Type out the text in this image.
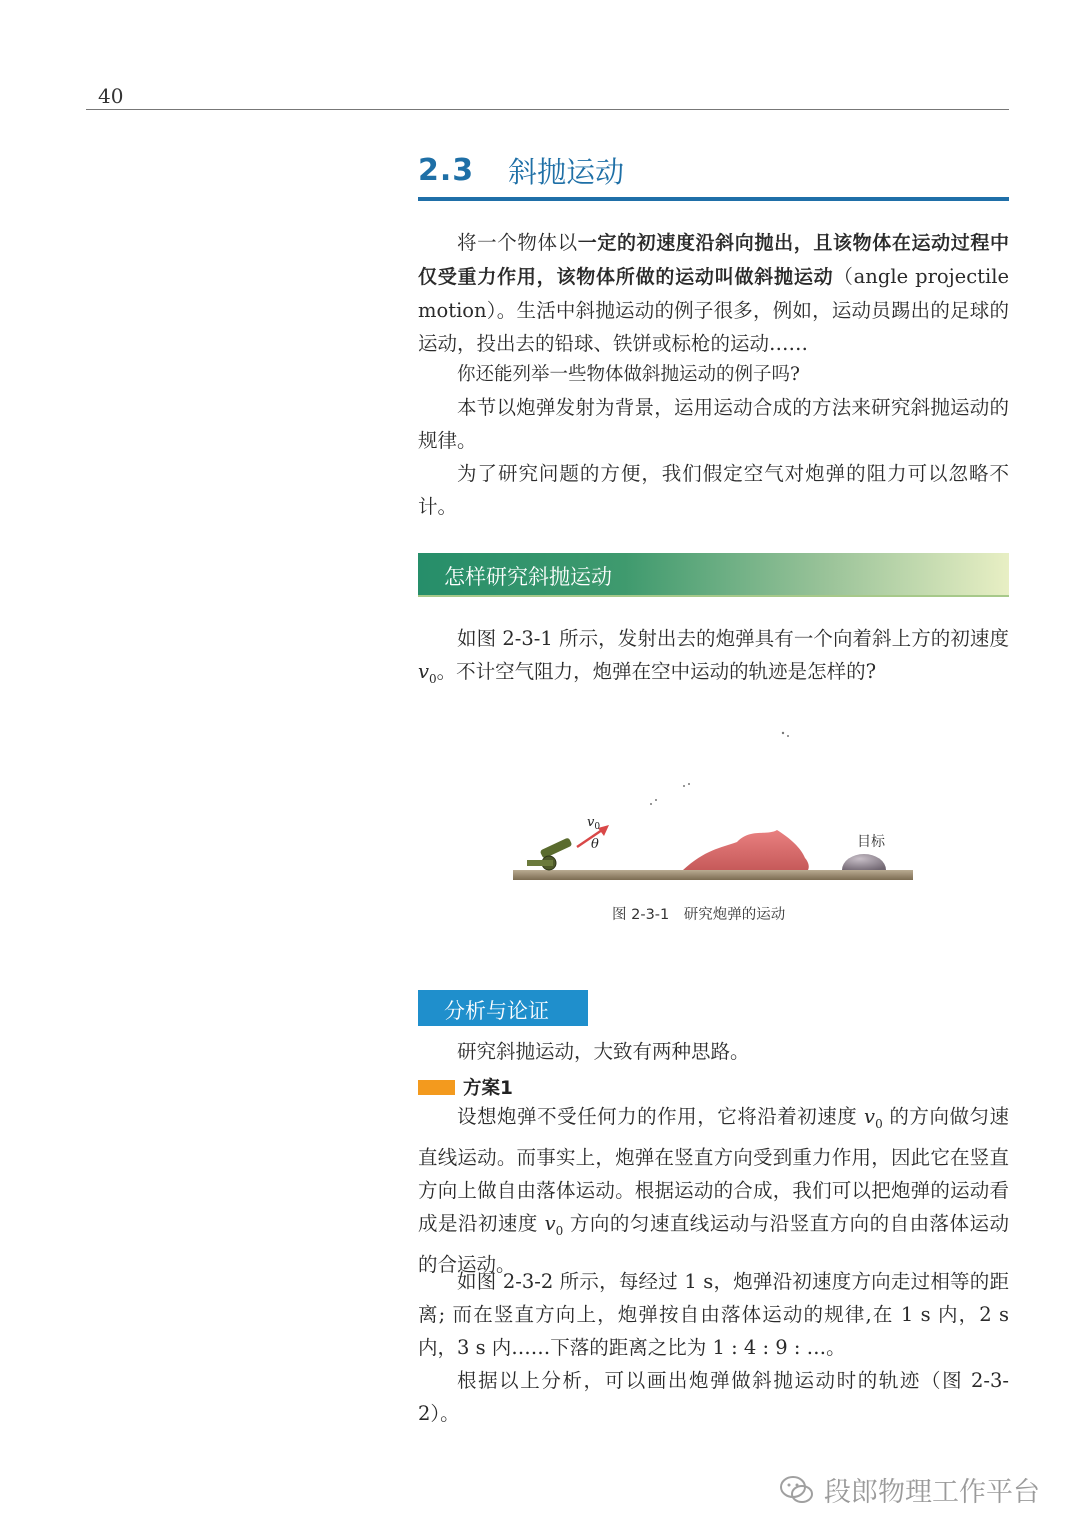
40
2.3 斜抛运动

将一个物体以一定的初速度沿斜向抛出，且该物体在运动过程中仅受重力作用，该物体所做的运动叫做斜抛运动（angle projectile motion）。生活中斜抛运动的例子很多，例如，运动员踢出的足球的运动，投出去的铅球、铁饼或标枪的运动……

你还能列举一些物体做斜抛运动的例子吗?

本节以炮弹发射为背景，运用运动合成的方法来研究斜抛运动的规律。

为了研究问题的方便，我们假定空气对炮弹的阻力可以忽略不计。

怎样研究斜抛运动

如图 2-3-1 所示，发射出去的炮弹具有一个向着斜上方的初速度 $v_0$。不计空气阻力，炮弹在空中运动的轨迹是怎样的?

目标
$v_0$
θ
图 2-3-1　研究炮弹的运动
分析与论证

研究斜抛运动，大致有两种思路。

方案1

设想炮弹不受任何力的作用，它将沿着初速度 $v_0$ 的方向做匀速直线运动。而事实上，炮弹在竖直方向受到重力作用，因此它在竖直方向上做自由落体运动。根据运动的合成，我们可以把炮弹的运动看成是沿初速度 $v_0$ 方向的匀速直线运动与沿竖直方向的自由落体运动的合运动。

如图 2-3-2 所示，每经过 1 s，炮弹沿初速度方向走过相等的距离; 而在竖直方向上，炮弹按自由落体运动的规律,在 1 s 内，2 s 内，3 s 内……下落的距离之比为 1 : 4 : 9 : …。

根据以上分析，可以画出炮弹做斜抛运动时的轨迹（图 2-3-2）。

段郎物理工作平台
